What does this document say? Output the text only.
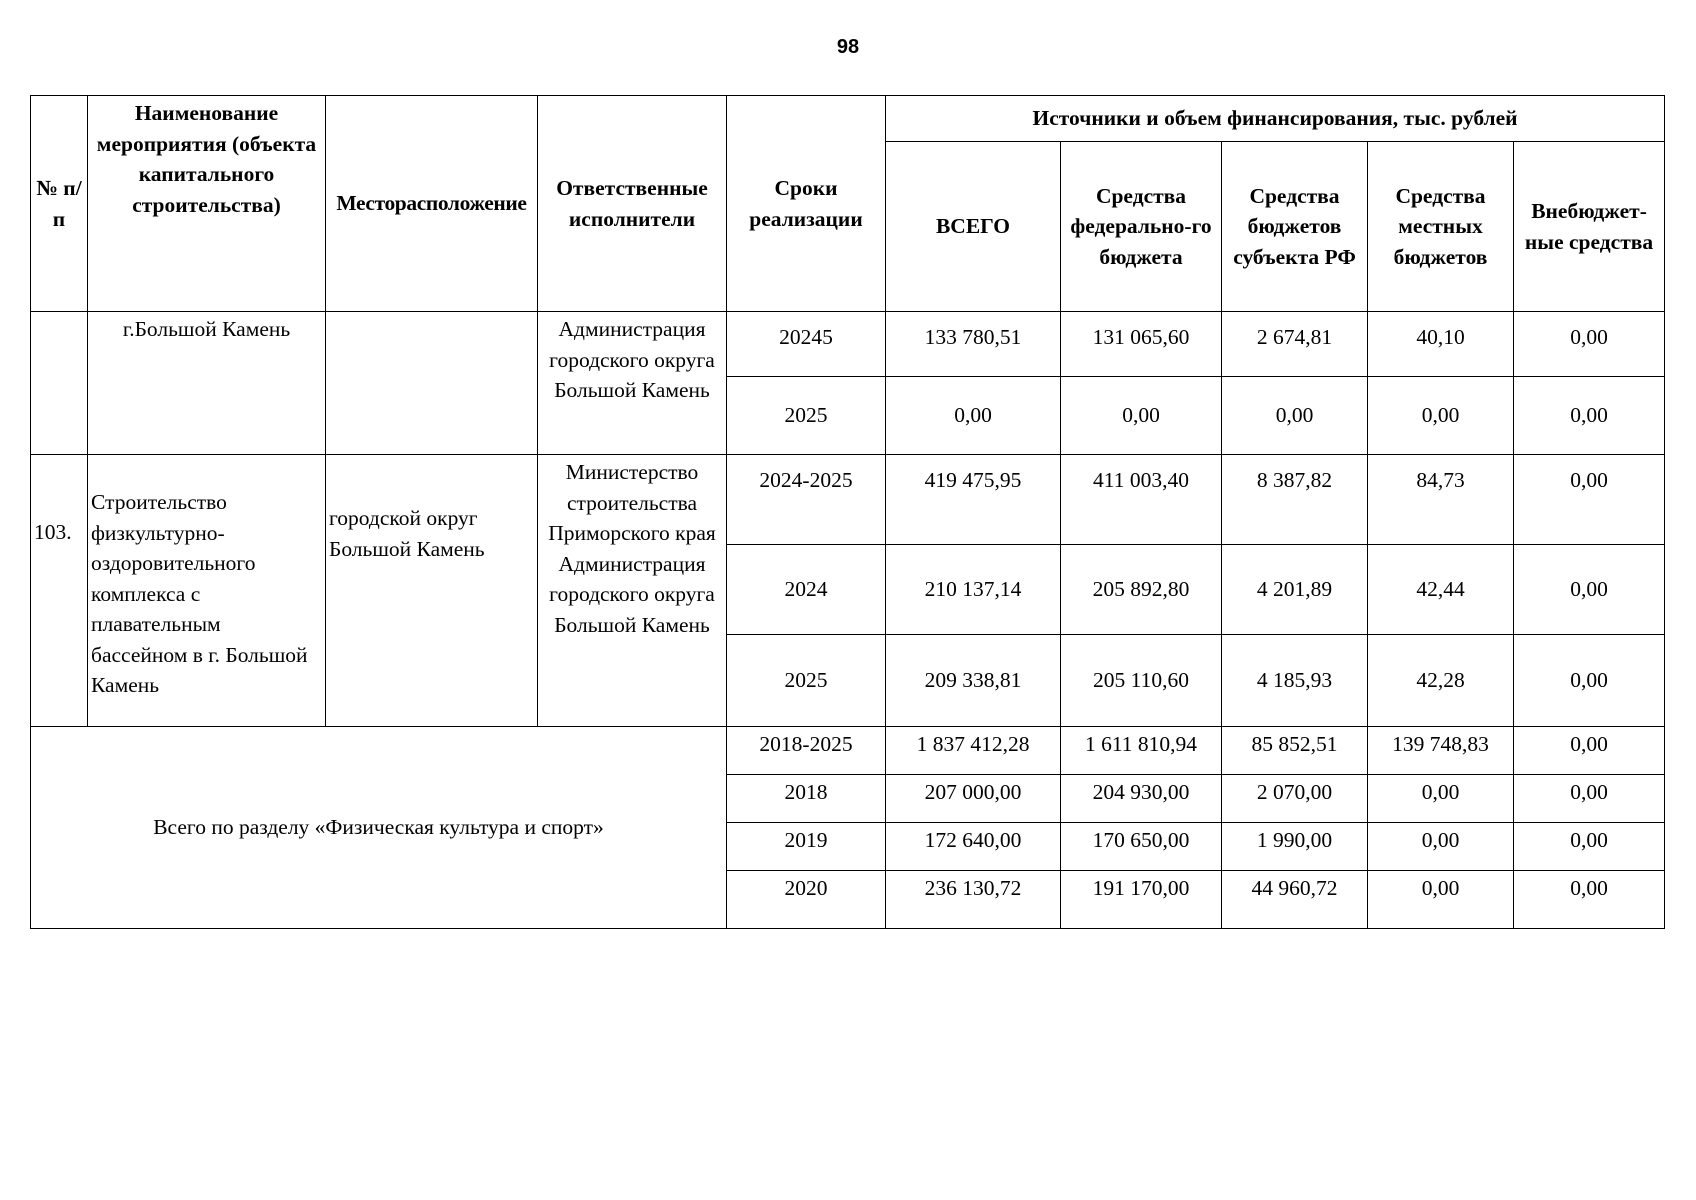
98
№ п/п	Наименование мероприятия (объекта капитального строительства)	Месторасположение	Ответственные исполнители	Сроки реализации	Источники и объем финансирования, тыс. рублей				
					ВСЕГО	Средства федерально-го бюджета	Средства бюджетов субъекта РФ	Средства местных бюджетов	Внебюджет-ные средства
	г.Большой Камень		Администрация городского округа Большой Камень	20245	133 780,51	131 065,60	2 674,81	40,10	0,00
				2025	0,00	0,00	0,00	0,00	0,00
103.	Строительство физкультурно-оздоровительного комплекса с плавательным бассейном в г. Большой Камень	городской округ Большой Камень	Министерство строительства Приморского края Администрация городского округа Большой Камень	2024-2025	419 475,95	411 003,40	8 387,82	84,73	0,00
				2024	210 137,14	205 892,80	4 201,89	42,44	0,00
				2025	209 338,81	205 110,60	4 185,93	42,28	0,00
Всего по разделу «Физическая культура и спорт»				2018-2025	1 837 412,28	1 611 810,94	85 852,51	139 748,83	0,00
				2018	207 000,00	204 930,00	2 070,00	0,00	0,00
				2019	172 640,00	170 650,00	1 990,00	0,00	0,00
				2020	236 130,72	191 170,00	44 960,72	0,00	0,00
